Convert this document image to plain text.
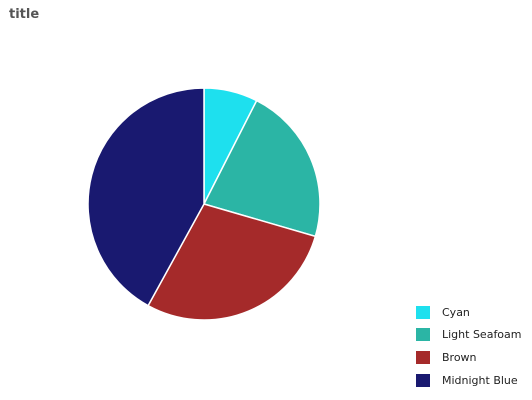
title
Cyan
Light Seafoam
Brown
Midnight Blue
